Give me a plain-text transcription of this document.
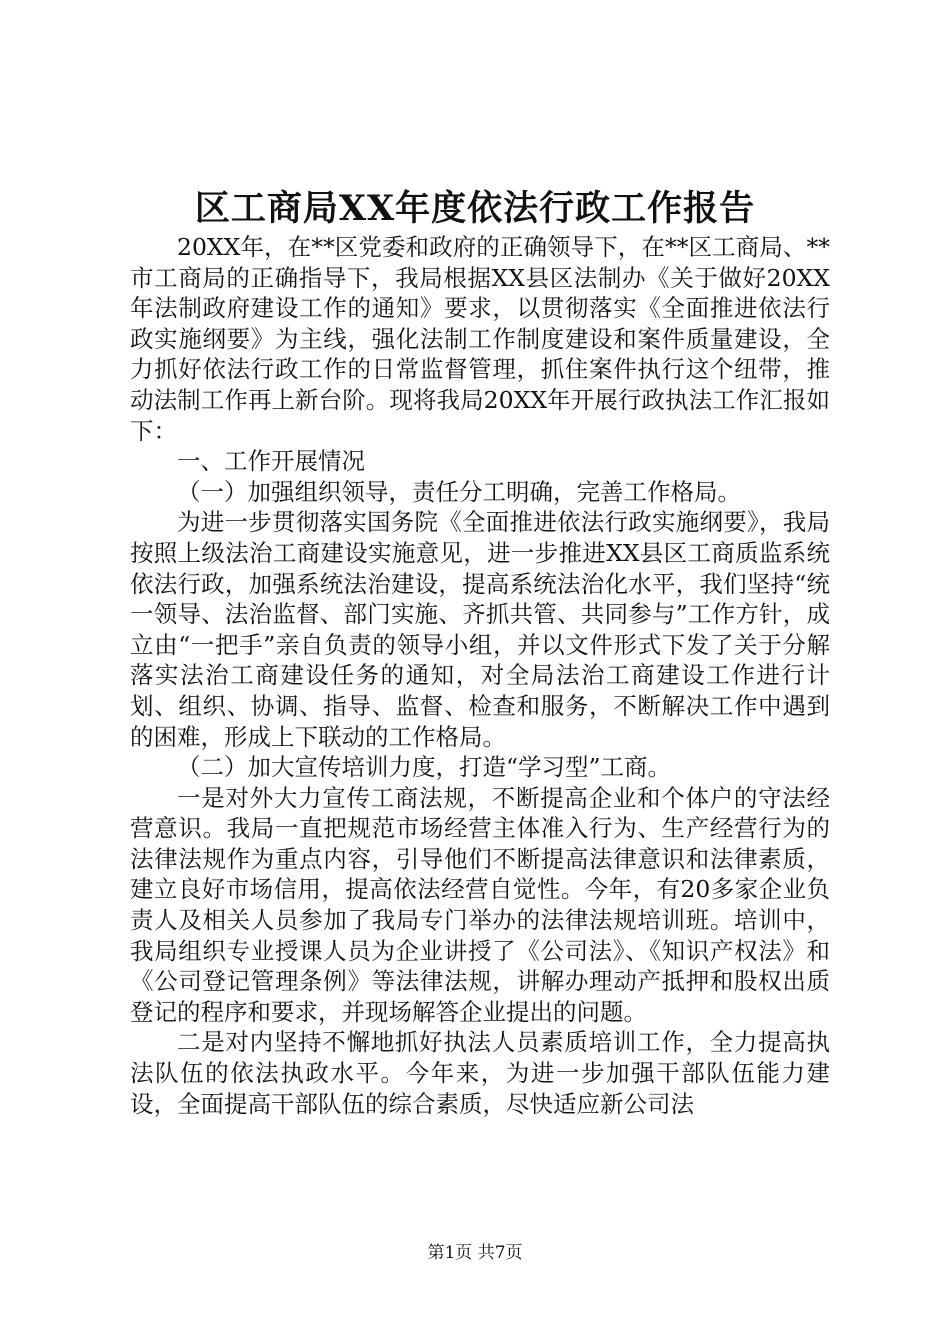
区工商局XX年度依法行政工作报告

20XX年，在**区党委和政府的正确领导下，在**区工商局、**市工商局的正确指导下，我局根据XX县区法制办《关于做好20XX年法制政府建设工作的通知》要求，以贯彻落实《全面推进依法行政实施纲要》为主线，强化法制工作制度建设和案件质量建设，全力抓好依法行政工作的日常监督管理，抓住案件执行这个纽带，推动法制工作再上新台阶。现将我局20XX年开展行政执法工作汇报如下：

一、工作开展情况

（一）加强组织领导，责任分工明确，完善工作格局。

为进一步贯彻落实国务院《全面推进依法行政实施纲要》，我局按照上级法治工商建设实施意见，进一步推进XX县区工商质监系统依法行政，加强系统法治建设，提高系统法治化水平，我们坚持“统一领导、法治监督、部门实施、齐抓共管、共同参与”工作方针，成立由“一把手”亲自负责的领导小组，并以文件形式下发了关于分解落实法治工商建设任务的通知，对全局法治工商建设工作进行计划、组织、协调、指导、监督、检查和服务，不断解决工作中遇到的困难，形成上下联动的工作格局。

（二）加大宣传培训力度，打造“学习型”工商。

一是对外大力宣传工商法规，不断提高企业和个体户的守法经营意识。我局一直把规范市场经营主体准入行为、生产经营行为的法律法规作为重点内容，引导他们不断提高法律意识和法律素质，建立良好市场信用，提高依法经营自觉性。今年，有20多家企业负责人及相关人员参加了我局专门举办的法律法规培训班。培训中，我局组织专业授课人员为企业讲授了《公司法》、《知识产权法》和《公司登记管理条例》等法律法规，讲解办理动产抵押和股权出质登记的程序和要求，并现场解答企业提出的问题。

二是对内坚持不懈地抓好执法人员素质培训工作，全力提高执法队伍的依法执政水平。今年来，为进一步加强干部队伍能力建设，全面提高干部队伍的综合素质，尽快适应新公司法

第1页 共7页
